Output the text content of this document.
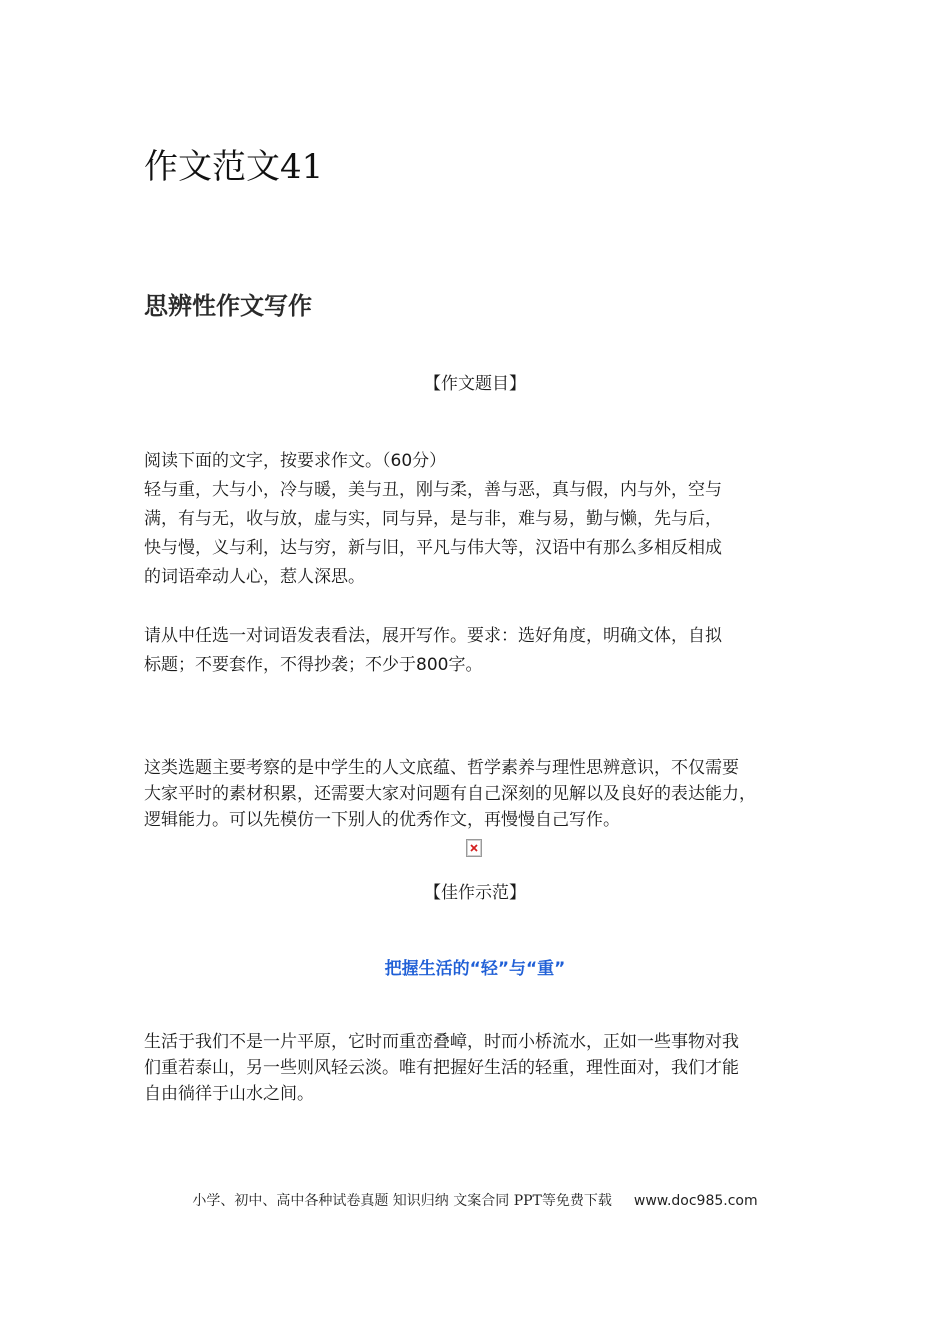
作文范文41
思辨性作文写作
【作文题目】
阅读下面的文字，按要求作文。（60分）
轻与重，大与小，冷与暖，美与丑，刚与柔，善与恶，真与假，内与外，空与
满，有与无，收与放，虚与实，同与异，是与非，难与易，勤与懒，先与后，
快与慢，义与利，达与穷，新与旧，平凡与伟大等，汉语中有那么多相反相成
的词语牵动人心，惹人深思。
请从中任选一对词语发表看法，展开写作。要求：选好角度，明确文体，自拟
标题；不要套作，不得抄袭；不少于800字。
这类选题主要考察的是中学生的人文底蕴、哲学素养与理性思辨意识，不仅需要
大家平时的素材积累，还需要大家对问题有自己深刻的见解以及良好的表达能力，
逻辑能力。可以先模仿一下别人的优秀作文，再慢慢自己写作。
【佳作示范】
把握生活的“轻”与“重”
生活于我们不是一片平原，它时而重峦叠嶂，时而小桥流水，正如一些事物对我
们重若泰山，另一些则风轻云淡。唯有把握好生活的轻重，理性面对，我们才能
自由徜徉于山水之间。
小学、初中、高中各种试卷真题 知识归纳 文案合同 PPT等免费下载 www.doc985.com
